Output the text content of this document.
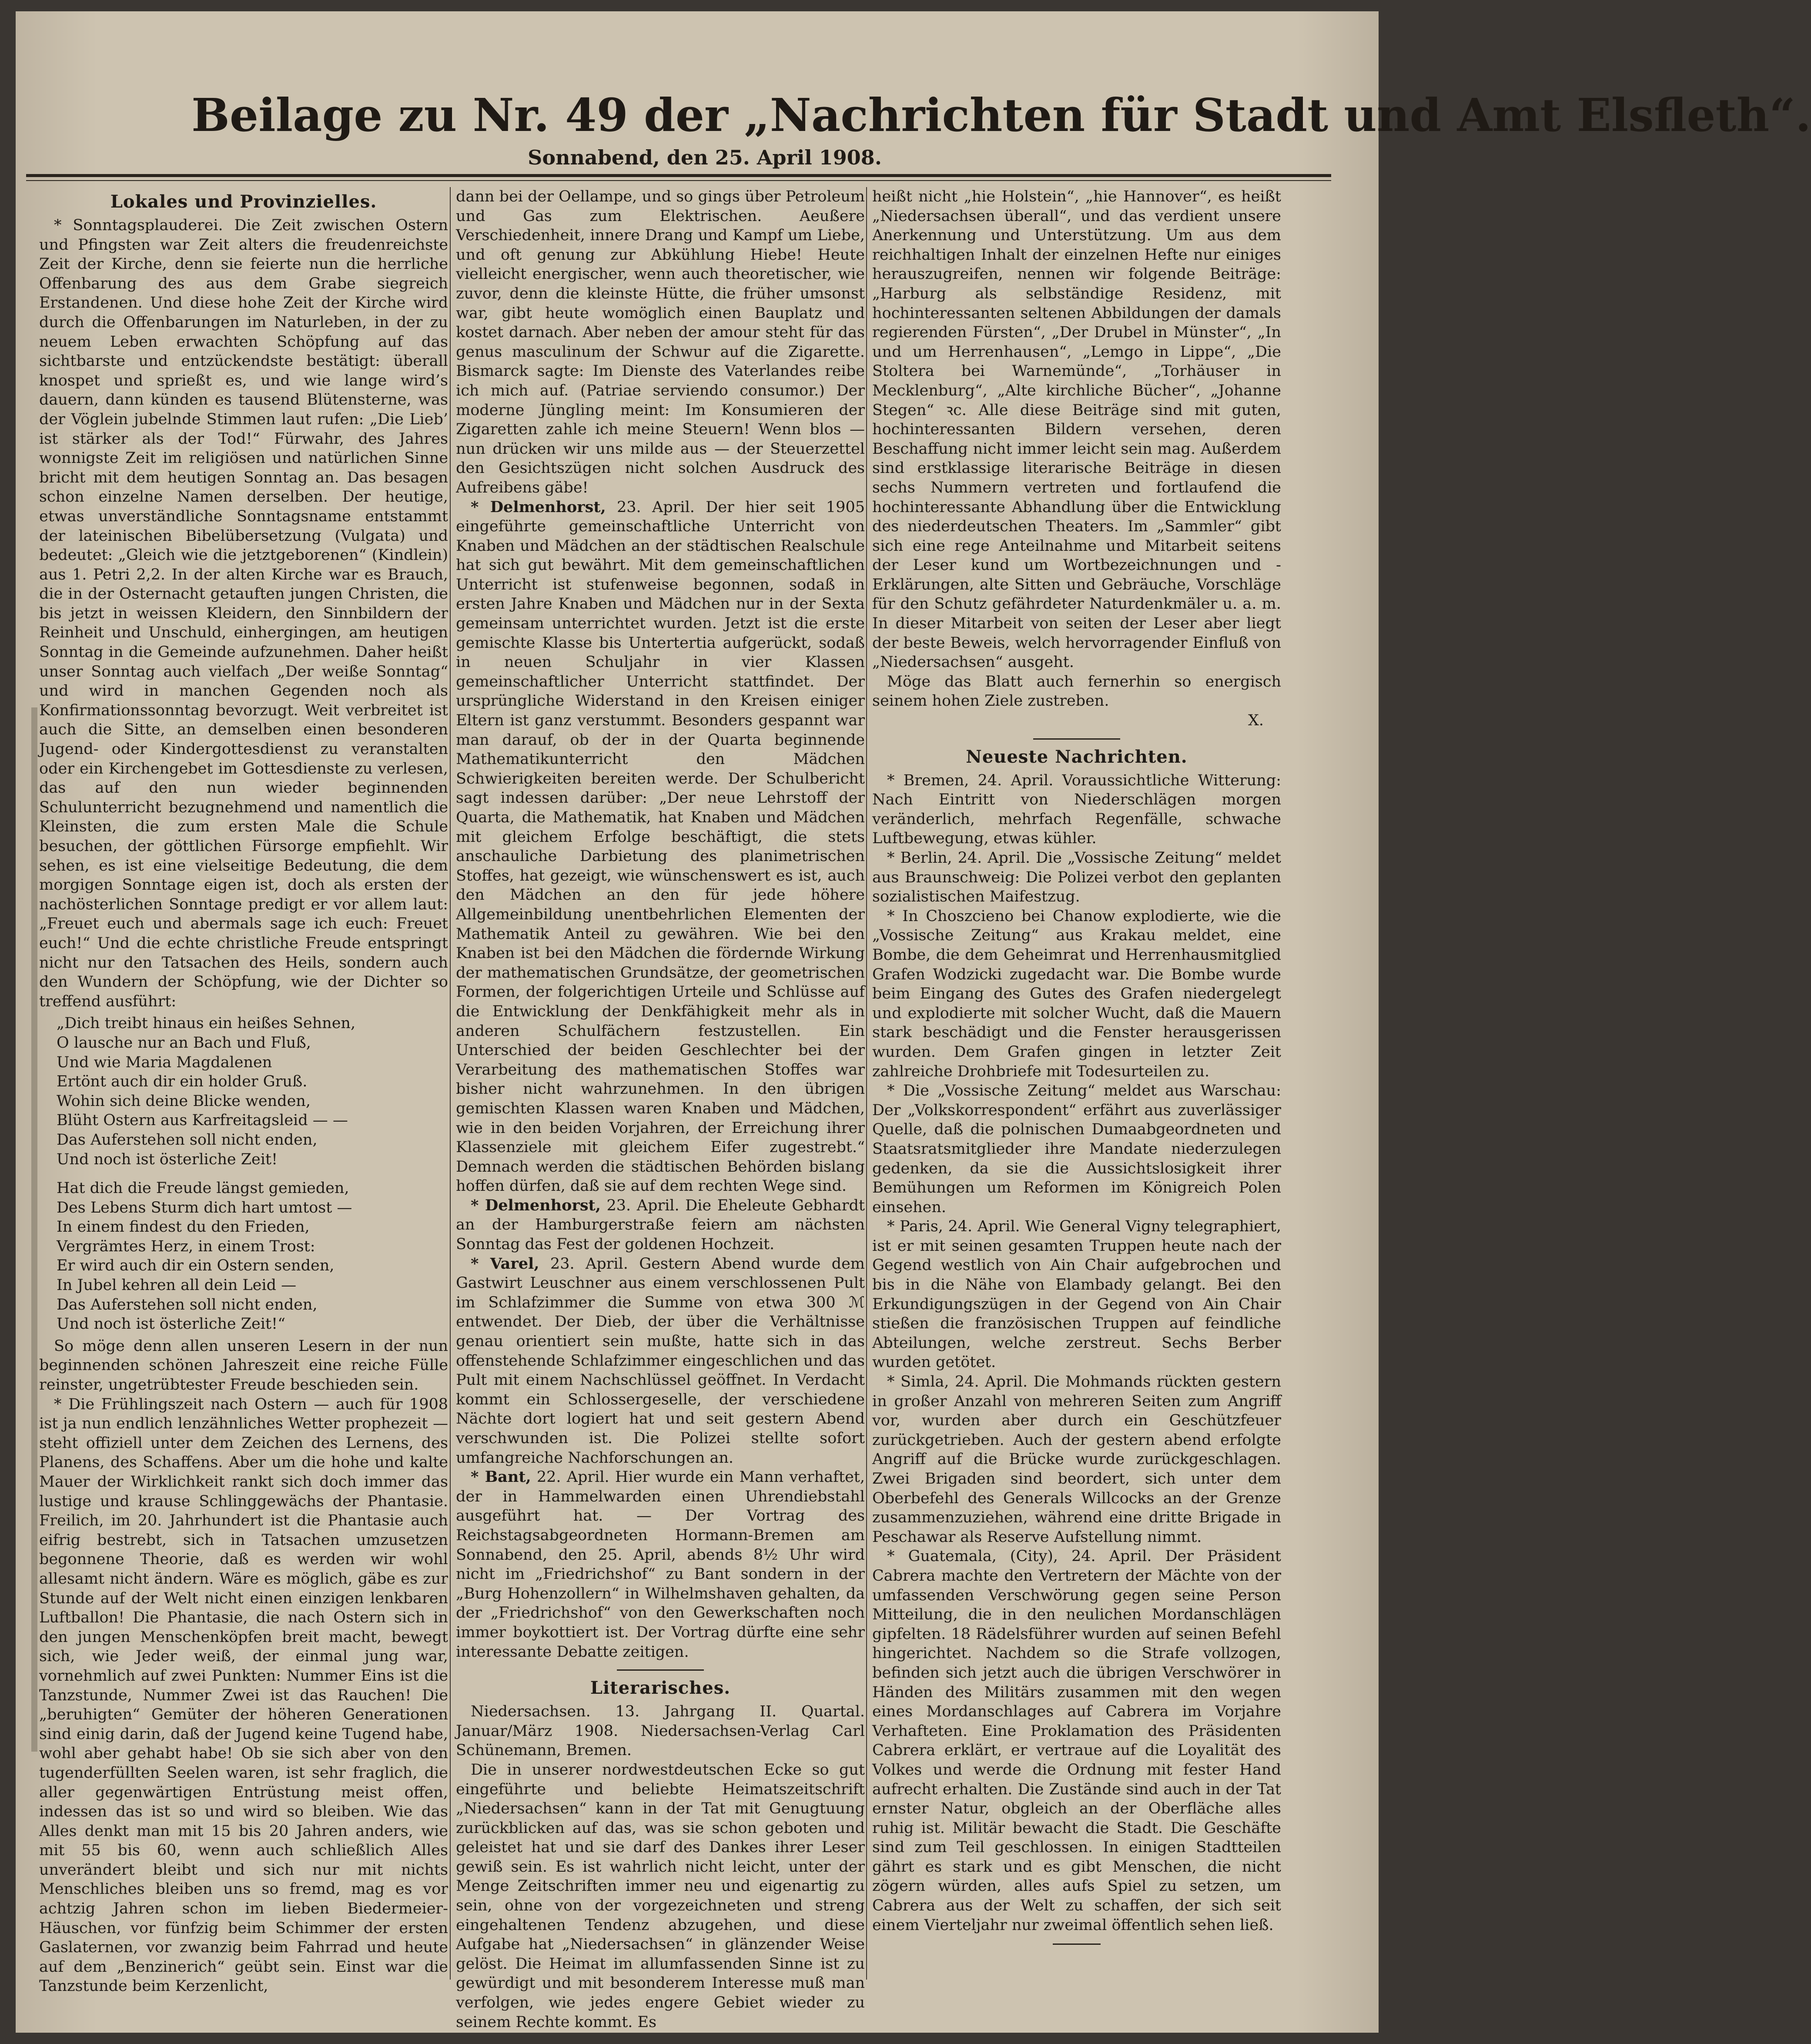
Beilage zu Nr. 49 der „Nachrichten für Stadt und Amt Elsfleth“.
Sonnabend, den 25. April 1908.
Lokales und Provinzielles.

* Sonntagsplauderei. Die Zeit zwischen Ostern und Pfingsten war Zeit alters die freudenreichste Zeit der Kirche, denn sie feierte nun die herrliche Offenbarung des aus dem Grabe siegreich Erstandenen. Und diese hohe Zeit der Kirche wird durch die Offenbarungen im Naturleben, in der zu neuem Leben erwachten Schöpfung auf das sichtbarste und entzückendste bestätigt: überall knospet und sprießt es, und wie lange wird’s dauern, dann künden es tausend Blütensterne, was der Vöglein jubelnde Stimmen laut rufen: „Die Lieb’ ist stärker als der Tod!“ Fürwahr, des Jahres wonnigste Zeit im religiösen und natürlichen Sinne bricht mit dem heutigen Sonntag an. Das besagen schon einzelne Namen derselben. Der heutige, etwas unverständliche Sonntagsname entstammt der lateinischen Bibelübersetzung (Vulgata) und bedeutet: „Gleich wie die jetztgeborenen“ (Kindlein) aus 1. Petri 2,2. In der alten Kirche war es Brauch, die in der Osternacht getauften jungen Christen, die bis jetzt in weissen Kleidern, den Sinnbildern der Reinheit und Unschuld, einhergingen, am heutigen Sonntag in die Gemeinde aufzunehmen. Daher heißt unser Sonntag auch vielfach „Der weiße Sonntag“ und wird in manchen Gegenden noch als Konfirmationssonntag bevorzugt. Weit verbreitet ist auch die Sitte, an demselben einen besonderen Jugend- oder Kindergottesdienst zu veranstalten oder ein Kirchengebet im Gottesdienste zu verlesen, das auf den nun wieder beginnenden Schulunterricht bezugnehmend und namentlich die Kleinsten, die zum ersten Male die Schule besuchen, der göttlichen Fürsorge empfiehlt. Wir sehen, es ist eine vielseitige Bedeutung, die dem morgigen Sonntage eigen ist, doch als ersten der nachösterlichen Sonntage predigt er vor allem laut: „Freuet euch und abermals sage ich euch: Freuet euch!“ Und die echte christliche Freude entspringt nicht nur den Tatsachen des Heils, sondern auch den Wundern der Schöpfung, wie der Dichter so treffend ausführt:

„Dich treibt hinaus ein heißes Sehnen,
O lausche nur an Bach und Fluß,
Und wie Maria Magdalenen
Ertönt auch dir ein holder Gruß.
Wohin sich deine Blicke wenden,
Blüht Ostern aus Karfreitagsleid — —
Das Auferstehen soll nicht enden,
Und noch ist österliche Zeit!
Hat dich die Freude längst gemieden,
Des Lebens Sturm dich hart umtost —
In einem findest du den Frieden,
Vergrämtes Herz, in einem Trost:
Er wird auch dir ein Ostern senden,
In Jubel kehren all dein Leid —
Das Auferstehen soll nicht enden,
Und noch ist österliche Zeit!“

So möge denn allen unseren Lesern in der nun beginnenden schönen Jahreszeit eine reiche Fülle reinster, ungetrübtester Freude beschieden sein.

* Die Frühlingszeit nach Ostern — auch für 1908 ist ja nun endlich lenzähnliches Wetter prophezeit — steht offiziell unter dem Zeichen des Lernens, des Planens, des Schaffens. Aber um die hohe und kalte Mauer der Wirklichkeit rankt sich doch immer das lustige und krause Schlinggewächs der Phantasie. Freilich, im 20. Jahrhundert ist die Phantasie auch eifrig bestrebt, sich in Tatsachen umzusetzen begonnene Theorie, daß es werden wir wohl allesamt nicht ändern. Wäre es möglich, gäbe es zur Stunde auf der Welt nicht einen einzigen lenkbaren Luftballon! Die Phantasie, die nach Ostern sich in den jungen Menschenköpfen breit macht, bewegt sich, wie Jeder weiß, der einmal jung war, vornehmlich auf zwei Punkten: Nummer Eins ist die Tanzstunde, Nummer Zwei ist das Rauchen! Die „beruhigten“ Gemüter der höheren Generationen sind einig darin, daß der Jugend keine Tugend habe, wohl aber gehabt habe! Ob sie sich aber von den tugenderfüllten Seelen waren, ist sehr fraglich, die aller gegenwärtigen Entrüstung meist offen, indessen das ist so und wird so bleiben. Wie das Alles denkt man mit 15 bis 20 Jahren anders, wie mit 55 bis 60, wenn auch schließlich Alles unverändert bleibt und sich nur mit nichts Menschliches bleiben uns so fremd, mag es vor achtzig Jahren schon im lieben Biedermeier-Häuschen, vor fünfzig beim Schimmer der ersten Gaslaternen, vor zwanzig beim Fahrrad und heute auf dem „Benzinerich“ geübt sein. Einst war die Tanzstunde beim Kerzenlicht,

dann bei der Oellampe, und so gings über Petroleum und Gas zum Elektrischen. Aeußere Verschiedenheit, innere Drang und Kampf um Liebe, und oft genung zur Abkühlung Hiebe! Heute vielleicht energischer, wenn auch theoretischer, wie zuvor, denn die kleinste Hütte, die früher umsonst war, gibt heute womöglich einen Bauplatz und kostet darnach. Aber neben der amour steht für das genus masculinum der Schwur auf die Zigarette. Bismarck sagte: Im Dienste des Vaterlandes reibe ich mich auf. (Patriae serviendo consumor.) Der moderne Jüngling meint: Im Konsumieren der Zigaretten zahle ich meine Steuern! Wenn blos — nun drücken wir uns milde aus — der Steuerzettel den Gesichtszügen nicht solchen Ausdruck des Aufreibens gäbe!

* Delmenhorst, 23. April. Der hier seit 1905 eingeführte gemeinschaftliche Unterricht von Knaben und Mädchen an der städtischen Realschule hat sich gut bewährt. Mit dem gemeinschaftlichen Unterricht ist stufenweise begonnen, sodaß in ersten Jahre Knaben und Mädchen nur in der Sexta gemeinsam unterrichtet wurden. Jetzt ist die erste gemischte Klasse bis Untertertia aufgerückt, sodaß in neuen Schuljahr in vier Klassen gemeinschaftlicher Unterricht stattfindet. Der ursprüngliche Widerstand in den Kreisen einiger Eltern ist ganz verstummt. Besonders gespannt war man darauf, ob der in der Quarta beginnende Mathematikunterricht den Mädchen Schwierigkeiten bereiten werde. Der Schulbericht sagt indessen darüber: „Der neue Lehrstoff der Quarta, die Mathematik, hat Knaben und Mädchen mit gleichem Erfolge beschäftigt, die stets anschauliche Darbietung des planimetrischen Stoffes, hat gezeigt, wie wünschenswert es ist, auch den Mädchen an den für jede höhere Allgemeinbildung unentbehrlichen Elementen der Mathematik Anteil zu gewähren. Wie bei den Knaben ist bei den Mädchen die fördernde Wirkung der mathematischen Grundsätze, der geometrischen Formen, der folgerichtigen Urteile und Schlüsse auf die Entwicklung der Denkfähigkeit mehr als in anderen Schulfächern festzustellen. Ein Unterschied der beiden Geschlechter bei der Verarbeitung des mathematischen Stoffes war bisher nicht wahrzunehmen. In den übrigen gemischten Klassen waren Knaben und Mädchen, wie in den beiden Vorjahren, der Erreichung ihrer Klassenziele mit gleichem Eifer zugestrebt.“ Demnach werden die städtischen Behörden bislang hoffen dürfen, daß sie auf dem rechten Wege sind.

* Delmenhorst, 23. April. Die Eheleute Gebhardt an der Hamburgerstraße feiern am nächsten Sonntag das Fest der goldenen Hochzeit.

* Varel, 23. April. Gestern Abend wurde dem Gastwirt Leuschner aus einem verschlossenen Pult im Schlafzimmer die Summe von etwa 300 ℳ entwendet. Der Dieb, der über die Verhältnisse genau orientiert sein mußte, hatte sich in das offenstehende Schlafzimmer eingeschlichen und das Pult mit einem Nachschlüssel geöffnet. In Verdacht kommt ein Schlossergeselle, der verschiedene Nächte dort logiert hat und seit gestern Abend verschwunden ist. Die Polizei stellte sofort umfangreiche Nachforschungen an.

* Bant, 22. April. Hier wurde ein Mann verhaftet, der in Hammelwarden einen Uhrendiebstahl ausgeführt hat. — Der Vortrag des Reichstagsabgeordneten Hormann-Bremen am Sonnabend, den 25. April, abends 8½ Uhr wird nicht im „Friedrichshof“ zu Bant sondern in der „Burg Hohenzollern“ in Wilhelmshaven gehalten, da der „Friedrichshof“ von den Gewerkschaften noch immer boykottiert ist. Der Vortrag dürfte eine sehr interessante Debatte zeitigen.

Literarisches.

Niedersachsen. 13. Jahrgang II. Quartal. Januar/März 1908. Niedersachsen-Verlag Carl Schünemann, Bremen.

Die in unserer nordwestdeutschen Ecke so gut eingeführte und beliebte Heimatszeitschrift „Niedersachsen“ kann in der Tat mit Genugtuung zurückblicken auf das, was sie schon geboten und geleistet hat und sie darf des Dankes ihrer Leser gewiß sein. Es ist wahrlich nicht leicht, unter der Menge Zeitschriften immer neu und eigenartig zu sein, ohne von der vorgezeichneten und streng eingehaltenen Tendenz abzugehen, und diese Aufgabe hat „Niedersachsen“ in glänzender Weise gelöst. Die Heimat im allumfassenden Sinne ist zu gewürdigt und mit besonderem Interesse muß man verfolgen, wie jedes engere Gebiet wieder zu seinem Rechte kommt. Es

heißt nicht „hie Holstein“, „hie Hannover“, es heißt „Niedersachsen überall“, und das verdient unsere Anerkennung und Unterstützung. Um aus dem reichhaltigen Inhalt der einzelnen Hefte nur einiges herauszugreifen, nennen wir folgende Beiträge: „Harburg als selbständige Residenz, mit hochinteressanten seltenen Abbildungen der damals regierenden Fürsten“, „Der Drubel in Münster“, „In und um Herrenhausen“, „Lemgo in Lippe“, „Die Stoltera bei Warnemünde“, „Torhäuser in Mecklenburg“, „Alte kirchliche Bücher“, „Johanne Stegen“ ꝛc. Alle diese Beiträge sind mit guten, hochinteressanten Bildern versehen, deren Beschaffung nicht immer leicht sein mag. Außerdem sind erstklassige literarische Beiträge in diesen sechs Nummern vertreten und fortlaufend die hochinteressante Abhandlung über die Entwicklung des niederdeutschen Theaters. Im „Sammler“ gibt sich eine rege Anteilnahme und Mitarbeit seitens der Leser kund um Wortbezeichnungen und -Erklärungen, alte Sitten und Gebräuche, Vorschläge für den Schutz gefährdeter Naturdenkmäler u. a. m. In dieser Mitarbeit von seiten der Leser aber liegt der beste Beweis, welch hervorragender Einfluß von „Niedersachsen“ ausgeht.

Möge das Blatt auch fernerhin so energisch seinem hohen Ziele zustreben.

X.
Neueste Nachrichten.

* Bremen, 24. April. Voraussichtliche Witterung: Nach Eintritt von Niederschlägen morgen veränderlich, mehrfach Regenfälle, schwache Luftbewegung, etwas kühler.

* Berlin, 24. April. Die „Vossische Zeitung“ meldet aus Braunschweig: Die Polizei verbot den geplanten sozialistischen Maifestzug.

* In Choszcieno bei Chanow explodierte, wie die „Vossische Zeitung“ aus Krakau meldet, eine Bombe, die dem Geheimrat und Herrenhausmitglied Grafen Wodzicki zugedacht war. Die Bombe wurde beim Eingang des Gutes des Grafen niedergelegt und explodierte mit solcher Wucht, daß die Mauern stark beschädigt und die Fenster herausgerissen wurden. Dem Grafen gingen in letzter Zeit zahlreiche Drohbriefe mit Todesurteilen zu.

* Die „Vossische Zeitung“ meldet aus Warschau: Der „Volkskorrespondent“ erfährt aus zuverlässiger Quelle, daß die polnischen Dumaabgeordneten und Staatsratsmitglieder ihre Mandate niederzulegen gedenken, da sie die Aussichtslosigkeit ihrer Bemühungen um Reformen im Königreich Polen einsehen.

* Paris, 24. April. Wie General Vigny telegraphiert, ist er mit seinen gesamten Truppen heute nach der Gegend westlich von Ain Chair aufgebrochen und bis in die Nähe von Elambady gelangt. Bei den Erkundigungszügen in der Gegend von Ain Chair stießen die französischen Truppen auf feindliche Abteilungen, welche zerstreut. Sechs Berber wurden getötet.

* Simla, 24. April. Die Mohmands rückten gestern in großer Anzahl von mehreren Seiten zum Angriff vor, wurden aber durch ein Geschützfeuer zurückgetrieben. Auch der gestern abend erfolgte Angriff auf die Brücke wurde zurückgeschlagen. Zwei Brigaden sind beordert, sich unter dem Oberbefehl des Generals Willcocks an der Grenze zusammenzuziehen, während eine dritte Brigade in Peschawar als Reserve Aufstellung nimmt.

* Guatemala, (City), 24. April. Der Präsident Cabrera machte den Vertretern der Mächte von der umfassenden Verschwörung gegen seine Person Mitteilung, die in den neulichen Mordanschlägen gipfelten. 18 Rädelsführer wurden auf seinen Befehl hingerichtet. Nachdem so die Strafe vollzogen, befinden sich jetzt auch die übrigen Verschwörer in Händen des Militärs zusammen mit den wegen eines Mordanschlages auf Cabrera im Vorjahre Verhafteten. Eine Proklamation des Präsidenten Cabrera erklärt, er vertraue auf die Loyalität des Volkes und werde die Ordnung mit fester Hand aufrecht erhalten. Die Zustände sind auch in der Tat ernster Natur, obgleich an der Oberfläche alles ruhig ist. Militär bewacht die Stadt. Die Geschäfte sind zum Teil geschlossen. In einigen Stadtteilen gährt es stark und es gibt Menschen, die nicht zögern würden, alles aufs Spiel zu setzen, um Cabrera aus der Welt zu schaffen, der sich seit einem Vierteljahr nur zweimal öffentlich sehen ließ.
